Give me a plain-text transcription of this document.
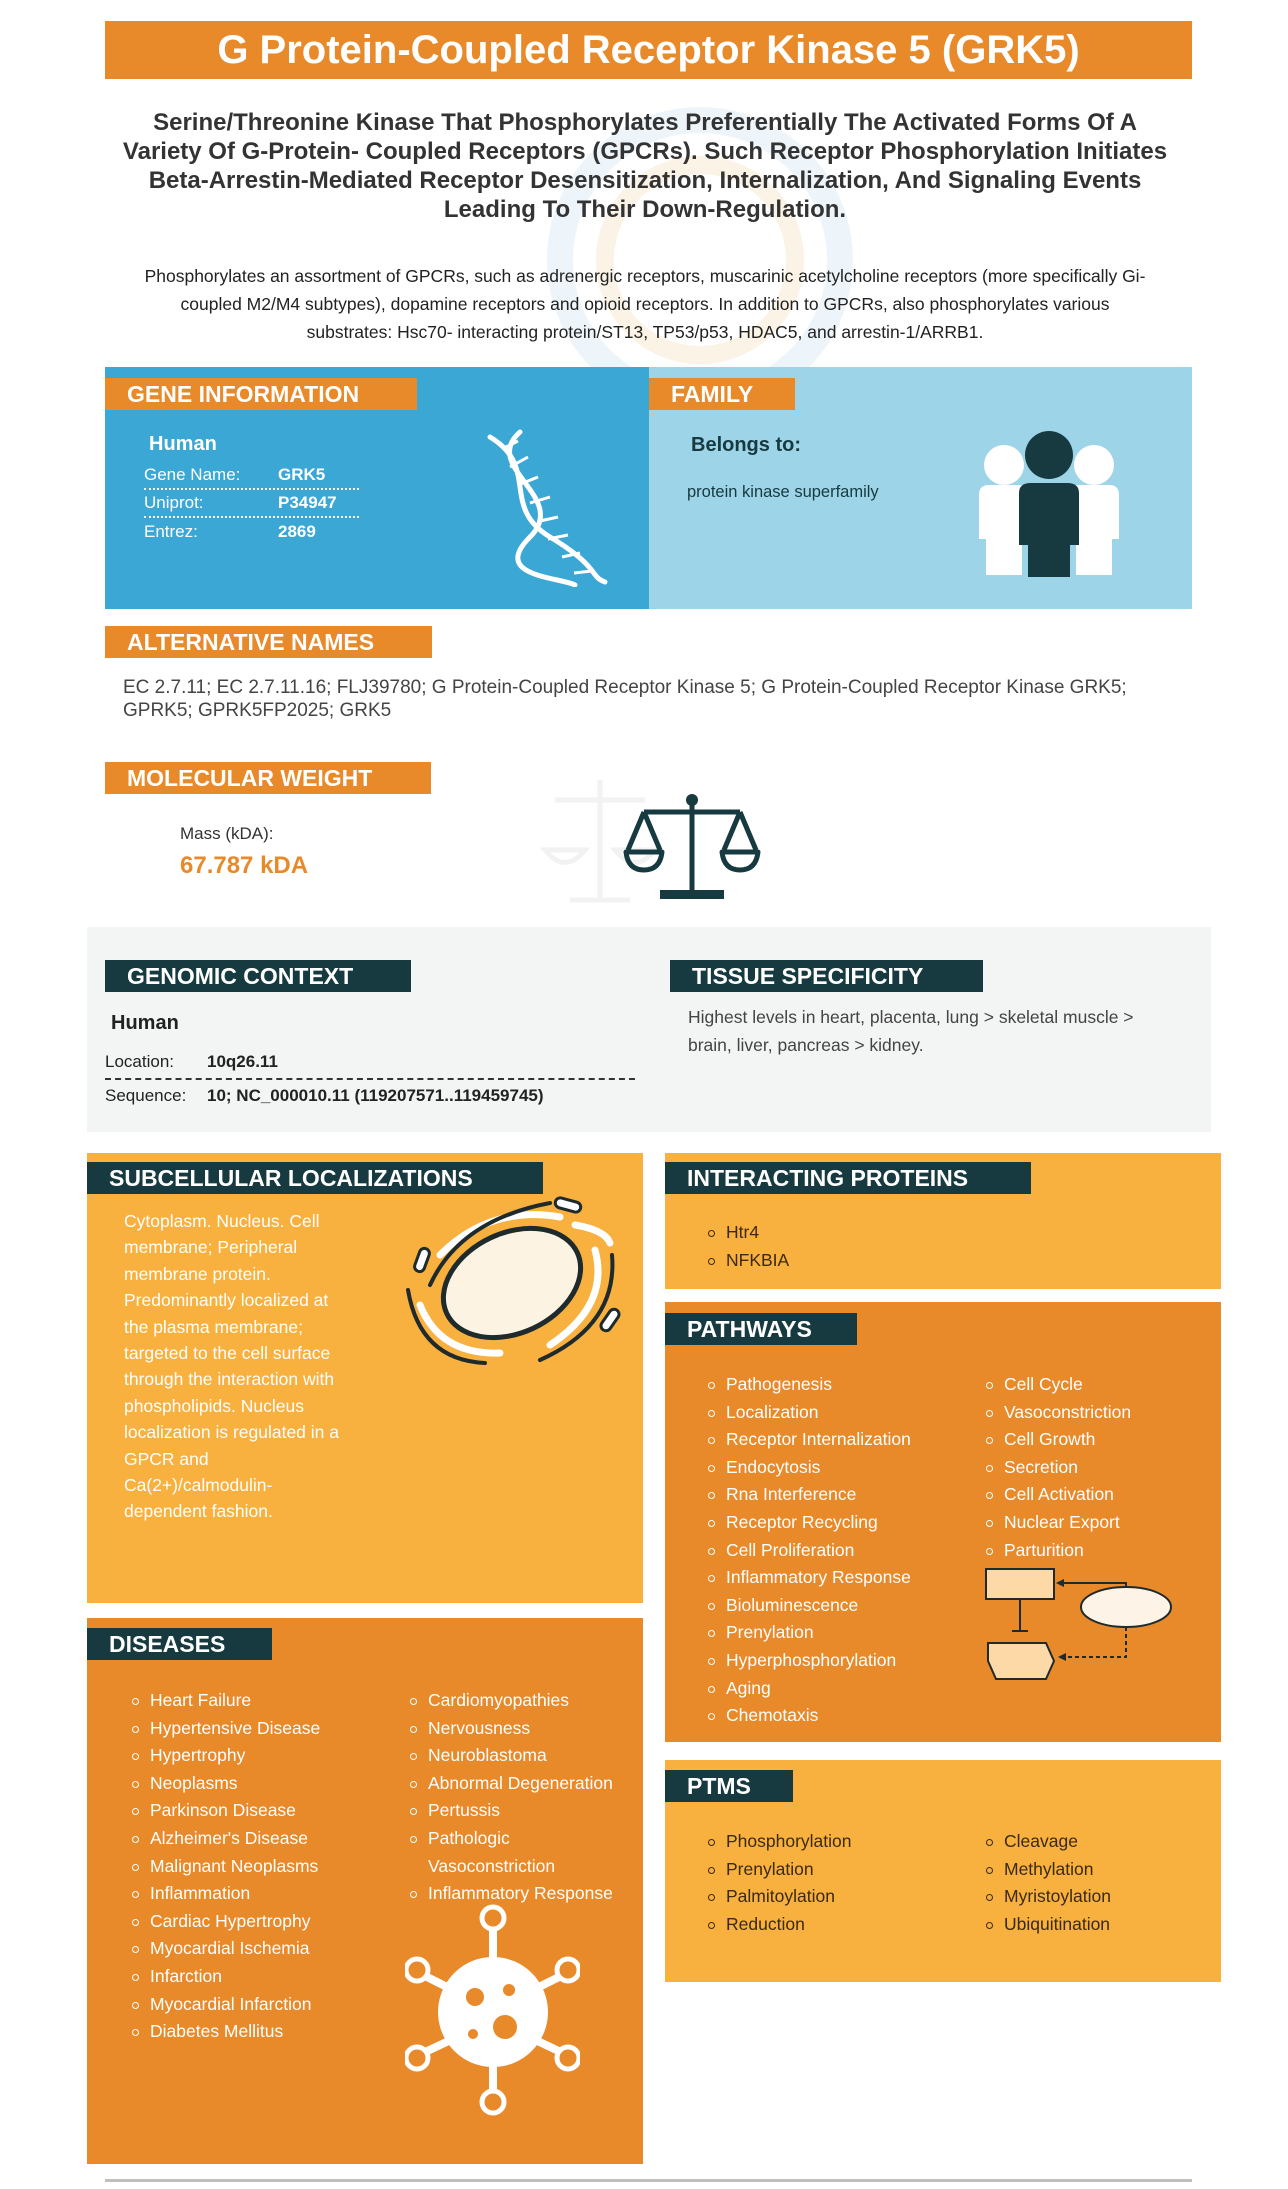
G Protein-Coupled Receptor Kinase 5 (GRK5)
Serine/Threonine Kinase That Phosphorylates Preferentially The Activated Forms Of A Variety Of G-Protein- Coupled Receptors (GPCRs). Such Receptor Phosphorylation Initiates Beta-Arrestin-Mediated Receptor Desensitization, Internalization, And Signaling Events Leading To Their Down-Regulation.
Phosphorylates an assortment of GPCRs, such as adrenergic receptors, muscarinic acetylcholine receptors (more specifically Gi-coupled M2/M4 subtypes), dopamine receptors and opioid receptors. In addition to GPCRs, also phosphorylates various substrates: Hsc70- interacting protein/ST13, TP53/p53, HDAC5, and arrestin-1/ARRB1.
GENE INFORMATION
Human
Gene Name:	GRK5
Uniprot:	P34947
Entrez:	2869
FAMILY
Belongs to:
protein kinase superfamily
ALTERNATIVE NAMES
EC 2.7.11; EC 2.7.11.16; FLJ39780; G Protein-Coupled Receptor Kinase 5; G Protein-Coupled Receptor Kinase GRK5; GPRK5; GPRK5FP2025; GRK5
MOLECULAR WEIGHT
Mass (kDA):
67.787 kDA
GENOMIC CONTEXT
Human
Location:	10q26.11
Sequence:	10; NC_000010.11 (119207571..119459745)
TISSUE SPECIFICITY
Highest levels in heart, placenta, lung > skeletal muscle > brain, liver, pancreas > kidney.
SUBCELLULAR LOCALIZATIONS
Cytoplasm. Nucleus. Cell membrane; Peripheral membrane protein. Predominantly localized at the plasma membrane; targeted to the cell surface through the interaction with phospholipids. Nucleus localization is regulated in a GPCR and Ca(2+)/calmodulin-dependent fashion.
INTERACTING PROTEINS
Htr4
NFKBIA
PATHWAYS
Pathogenesis
Localization
Receptor Internalization
Endocytosis
Rna Interference
Receptor Recycling
Cell Proliferation
Inflammatory Response
Bioluminescence
Prenylation
Hyperphosphorylation
Aging
Chemotaxis
Cell Cycle
Vasoconstriction
Cell Growth
Secretion
Cell Activation
Nuclear Export
Parturition
DISEASES
Heart Failure
Hypertensive Disease
Hypertrophy
Neoplasms
Parkinson Disease
Alzheimer's Disease
Malignant Neoplasms
Inflammation
Cardiac Hypertrophy
Myocardial Ischemia
Infarction
Myocardial Infarction
Diabetes Mellitus
Cardiomyopathies
Nervousness
Neuroblastoma
Abnormal Degeneration
Pertussis
Pathologic Vasoconstriction
Inflammatory Response
PTMS
Phosphorylation
Prenylation
Palmitoylation
Reduction
Cleavage
Methylation
Myristoylation
Ubiquitination
